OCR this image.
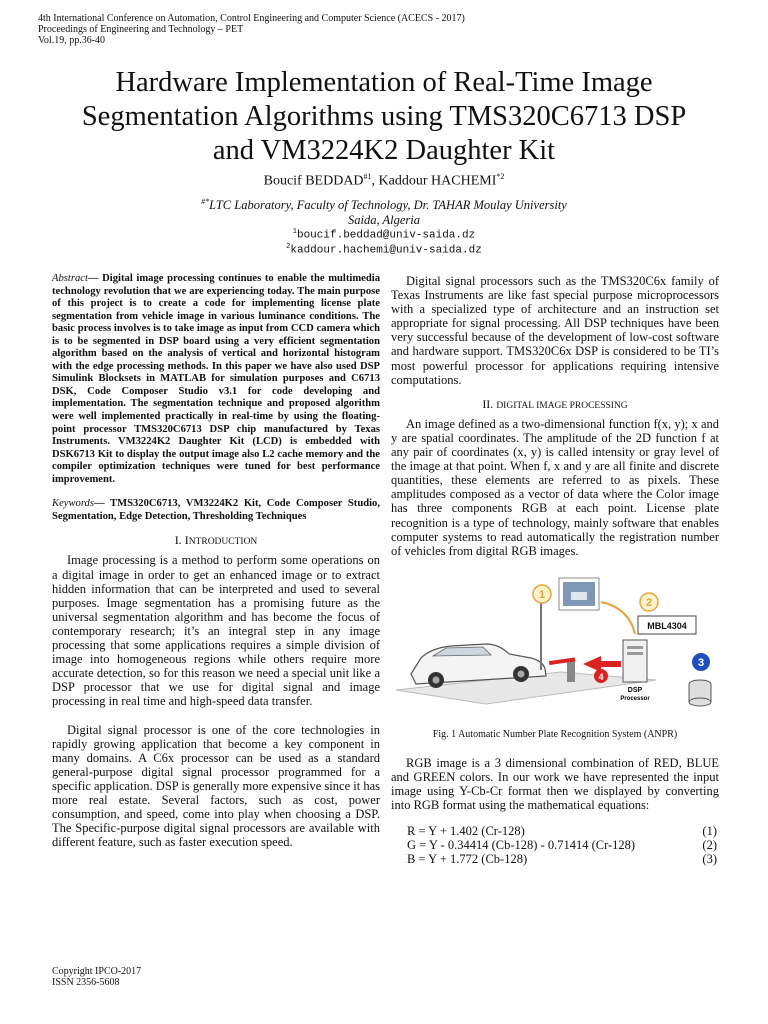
4th International Conference on Automation, Control Engineering and Computer Science (ACECS - 2017)
Proceedings of Engineering and Technology – PET
Vol.19, pp.36-40
Hardware Implementation of Real-Time Image
Segmentation Algorithms using TMS320C6713 DSP
and VM3224K2 Daughter Kit
Boucif BEDDAD$^{\#1}$, Kaddour HACHEMI$^{*2}$
#*LTC Laboratory, Faculty of Technology, Dr. TAHAR Moulay University
Saida, Algeria
$^1$boucif.beddad@univ-saida.dz
$^2$kaddour.hachemi@univ-saida.dz
Abstract— Digital image processing continues to enable the multimedia technology revolution that we are experiencing today. The main purpose of this project is to create a code for implementing license plate segmentation from vehicle image in various luminance conditions. The basic process involves is to take image as input from CCD camera which is to be segmented in DSP board using a very efficient segmentation algorithm based on the analysis of vertical and horizontal histogram with the edge processing methods. In this paper we have also used DSP Simulink Blocksets in MATLAB for simulation purposes and C6713 DSK, Code Composer Studio v3.1 for code developing and implementation. The segmentation technique and proposed algorithm were well implemented practically in real-time by using the floating-point processor TMS320C6713 DSP chip manufactured by Texas Instruments. VM3224K2 Daughter Kit (LCD) is embedded with DSK6713 Kit to display the output image also L2 cache memory and the compiler optimization techniques were tuned for best performance improvement.
Keywords— TMS320C6713, VM3224K2 Kit, Code Composer Studio, Segmentation, Edge Detection, Thresholding Techniques
I. INTRODUCTION

Image processing is a method to perform some operations on a digital image in order to get an enhanced image or to extract hidden information that can be interpreted and used to several purposes. Image segmentation has a promising future as the universal segmentation algorithm and has become the focus of contemporary research; it’s an integral step in any image processing that some applications requires a simple division of image into homogeneous regions while others require more accurate detection, so for this reason we need a special unit like a DSP processor that we use for digital signal and image processing in real time and high-speed data transfer.

Digital signal processor is one of the core technologies in rapidly growing application that become a key component in many domains. A C6x processor can be used as a standard general-purpose digital signal processor programmed for a specific application. DSP is generally more expensive since it has more real estate. Several factors, such as cost, power consumption, and speed, come into play when choosing a DSP. The Specific-purpose digital signal processors are available with different feature, such as faster execution speed.

Digital signal processors such as the TMS320C6x family of Texas Instruments are like fast special purpose microprocessors with a specialized type of architecture and an instruction set appropriate for signal processing. All DSP techniques have been very successful because of the development of low-cost software and hardware support. TMS320C6x DSP is considered to be TI’s most powerful processor for applications requiring intensive computations.

II. DIGITAL IMAGE PROCESSING

An image defined as a two-dimensional function f(x, y); x and y are spatial coordinates. The amplitude of the 2D function f at any pair of coordinates (x, y) is called intensity or gray level of the image at that point. When f, x and y are all finite and discrete quantities, these elements are referred to as pixels. These amplitudes composed as a vector of data where the Color image has three components RGB at each point. License plate recognition is a type of technology, mainly software that enables computer systems to read automatically the registration number of vehicles from digital RGB images.

MBL4304
DSP
Processor
1
2
3
4
Fig. 1 Automatic Number Plate Recognition System (ANPR)

RGB image is a 3 dimensional combination of RED, BLUE and GREEN colors. In our work we have represented the input image using Y-Cb-Cr format then we displayed by converting into RGB format using the mathematical equations:

R = Y + 1.402 (Cr-128)	(1)
G = Y - 0.34414 (Cb-128) - 0.71414 (Cr-128)	(2)
B = Y + 1.772 (Cb-128)	(3)
Copyright IPCO-2017
ISSN 2356-5608
